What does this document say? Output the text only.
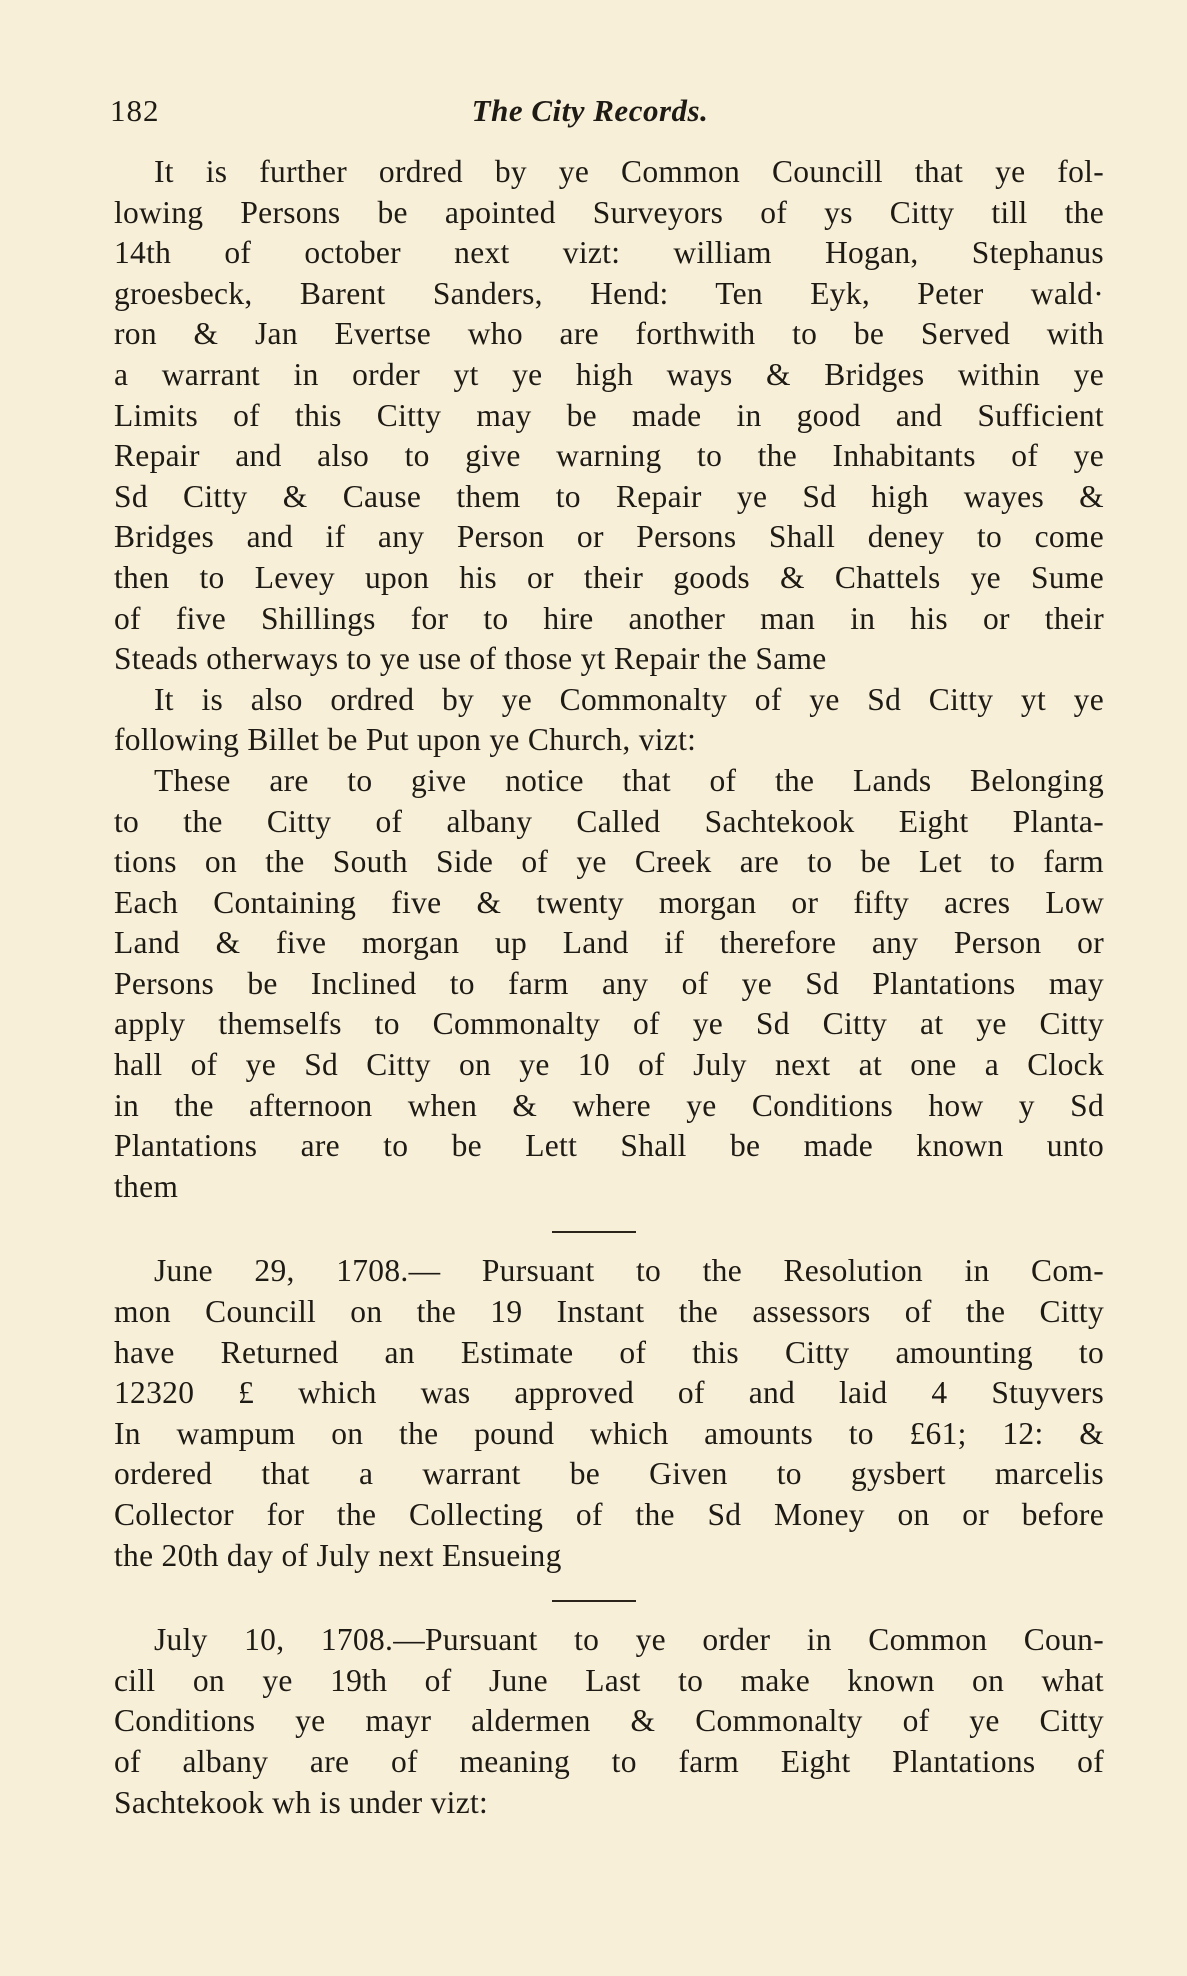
182	The City Records.
It is further ordred by ye Common Councill that ye fol-
lowing Persons be apointed Surveyors of ys Citty till the
14th of october next vizt: william Hogan, Stephanus
groesbeck, Barent Sanders, Hend: Ten Eyk, Peter wald·
ron & Jan Evertse who are forthwith to be Served with
a warrant in order yt ye high ways & Bridges within ye
Limits of this Citty may be made in good and Sufficient
Repair and also to give warning to the Inhabitants of ye
Sd Citty & Cause them to Repair ye Sd high wayes &
Bridges and if any Person or Persons Shall deney to come
then to Levey upon his or their goods & Chattels ye Sume
of five Shillings for to hire another man in his or their
Steads otherways to ye use of those yt Repair the Same
It is also ordred by ye Commonalty of ye Sd Citty yt ye
following Billet be Put upon ye Church, vizt:
These are to give notice that of the Lands Belonging
to the Citty of albany Called Sachtekook Eight Planta-
tions on the South Side of ye Creek are to be Let to farm
Each Containing five & twenty morgan or fifty acres Low
Land & five morgan up Land if therefore any Person or
Persons be Inclined to farm any of ye Sd Plantations may
apply themselfs to Commonalty of ye Sd Citty at ye Citty
hall of ye Sd Citty on ye 10 of July next at one a Clock
in the afternoon when & where ye Conditions how y Sd
Plantations are to be Lett Shall be made known unto
them
June 29, 1708.— Pursuant to the Resolution in Com-
mon Councill on the 19 Instant the assessors of the Citty
have Returned an Estimate of this Citty amounting to
12320 £ which was approved of and laid 4 Stuyvers
In wampum on the pound which amounts to £61; 12: &
ordered that a warrant be Given to gysbert marcelis
Collector for the Collecting of the Sd Money on or before
the 20th day of July next Ensueing
July 10, 1708.—Pursuant to ye order in Common Coun-
cill on ye 19th of June Last to make known on what
Conditions ye mayr aldermen & Commonalty of ye Citty
of albany are of meaning to farm Eight Plantations of
Sachtekook wh is under vizt:
